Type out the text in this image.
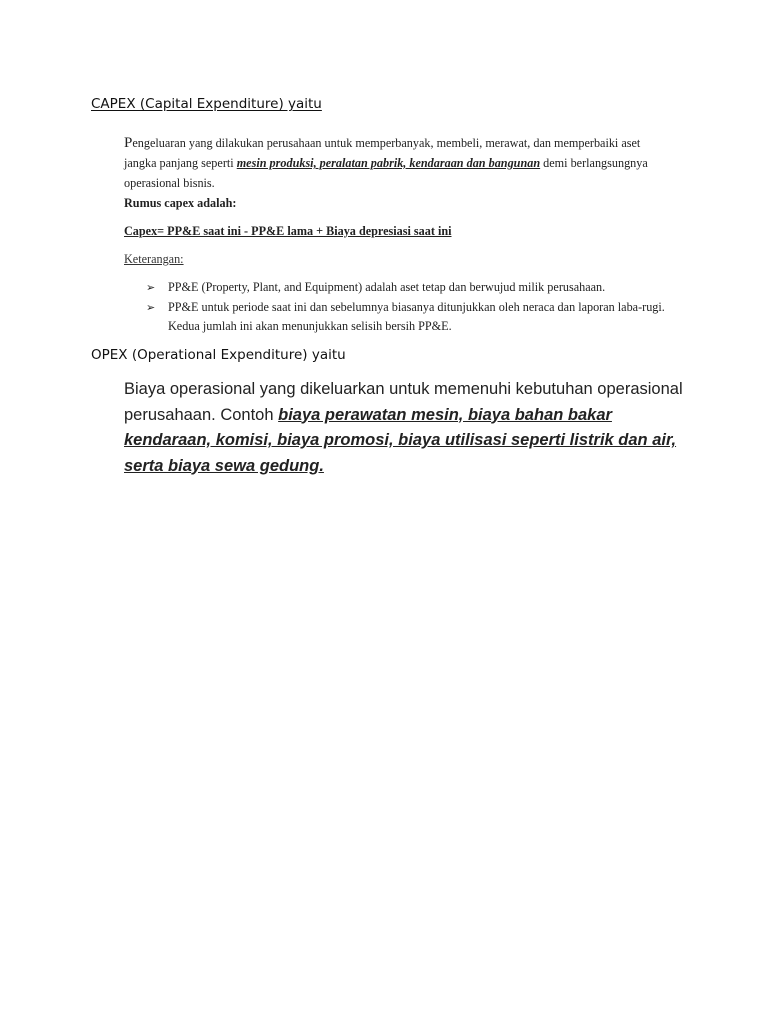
CAPEX (Capital Expenditure) yaitu

Pengeluaran yang dilakukan perusahaan untuk memperbanyak, membeli, merawat, dan memperbaiki aset jangka panjang seperti mesin produksi, peralatan pabrik, kendaraan dan bangunan demi berlangsungnya operasional bisnis.

Rumus capex adalah:
Capex= PP&E saat ini - PP&E lama + Biaya depresiasi saat ini
Keterangan:
➢ PP&E (Property, Plant, and Equipment) adalah aset tetap dan berwujud milik perusahaan.
➢ PP&E untuk periode saat ini dan sebelumnya biasanya ditunjukkan oleh neraca dan laporan laba-rugi. Kedua jumlah ini akan menunjukkan selisih bersih PP&E.
OPEX (Operational Expenditure) yaitu

Biaya operasional yang dikeluarkan untuk memenuhi kebutuhan operasional perusahaan. Contoh biaya perawatan mesin, biaya bahan bakar kendaraan, komisi, biaya promosi, biaya utilisasi seperti listrik dan air, serta biaya sewa gedung.
